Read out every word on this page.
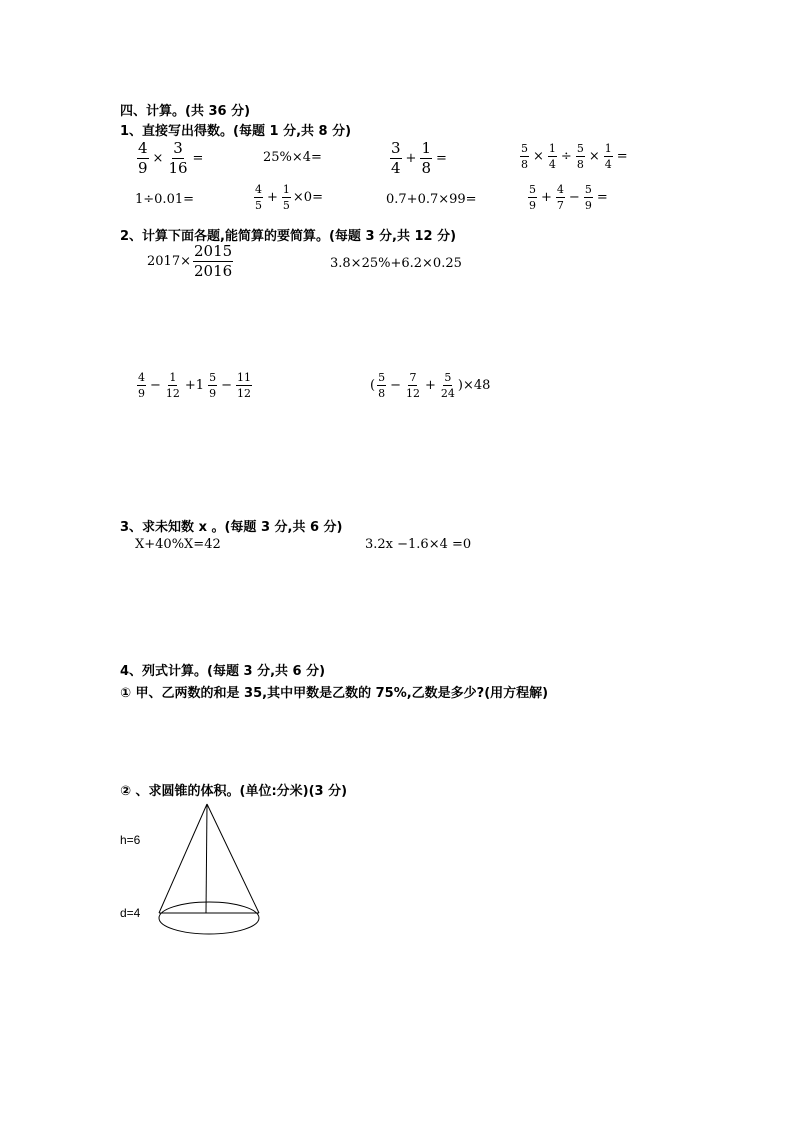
四、计算。(共 36 分)
1、直接写出得数。(每题 1 分,共 8 分)
$\frac{4}{9} \times \frac{3}{16}$ =	25%×4=	$\frac{3}{4} + \frac{1}{8}$ =	$\frac{5}{8} \times \frac{1}{4} \div \frac{5}{8} \times \frac{1}{4}$ =
1÷0.01=	$\frac{4}{5} + \frac{1}{5} \times 0=$	0.7+0.7×99=	$\frac{5}{9} + \frac{4}{7} - \frac{5}{9}$ =
2、计算下面各题,能简算的要简算。(每题 3 分,共 12 分)
$2017\times \frac{2015}{2016}$	3.8×25%+6.2×0.25
$\frac{4}{9} - \frac{1}{12} +1 \frac{5}{9} - \frac{11}{12}$	( $\frac{5}{8} - \frac{7}{12} + \frac{5}{24} )\times 48$
3、求未知数 x 。(每题 3 分,共 6 分)
X+40%X=42	3.2x −1.6×4 =0
4、列式计算。(每题 3 分,共 6 分)
① 甲、乙两数的和是 35,其中甲数是乙数的 75%,乙数是多少?(用方程解)
② 、求圆锥的体积。(单位:分米)(3 分)
h=6
d=4
